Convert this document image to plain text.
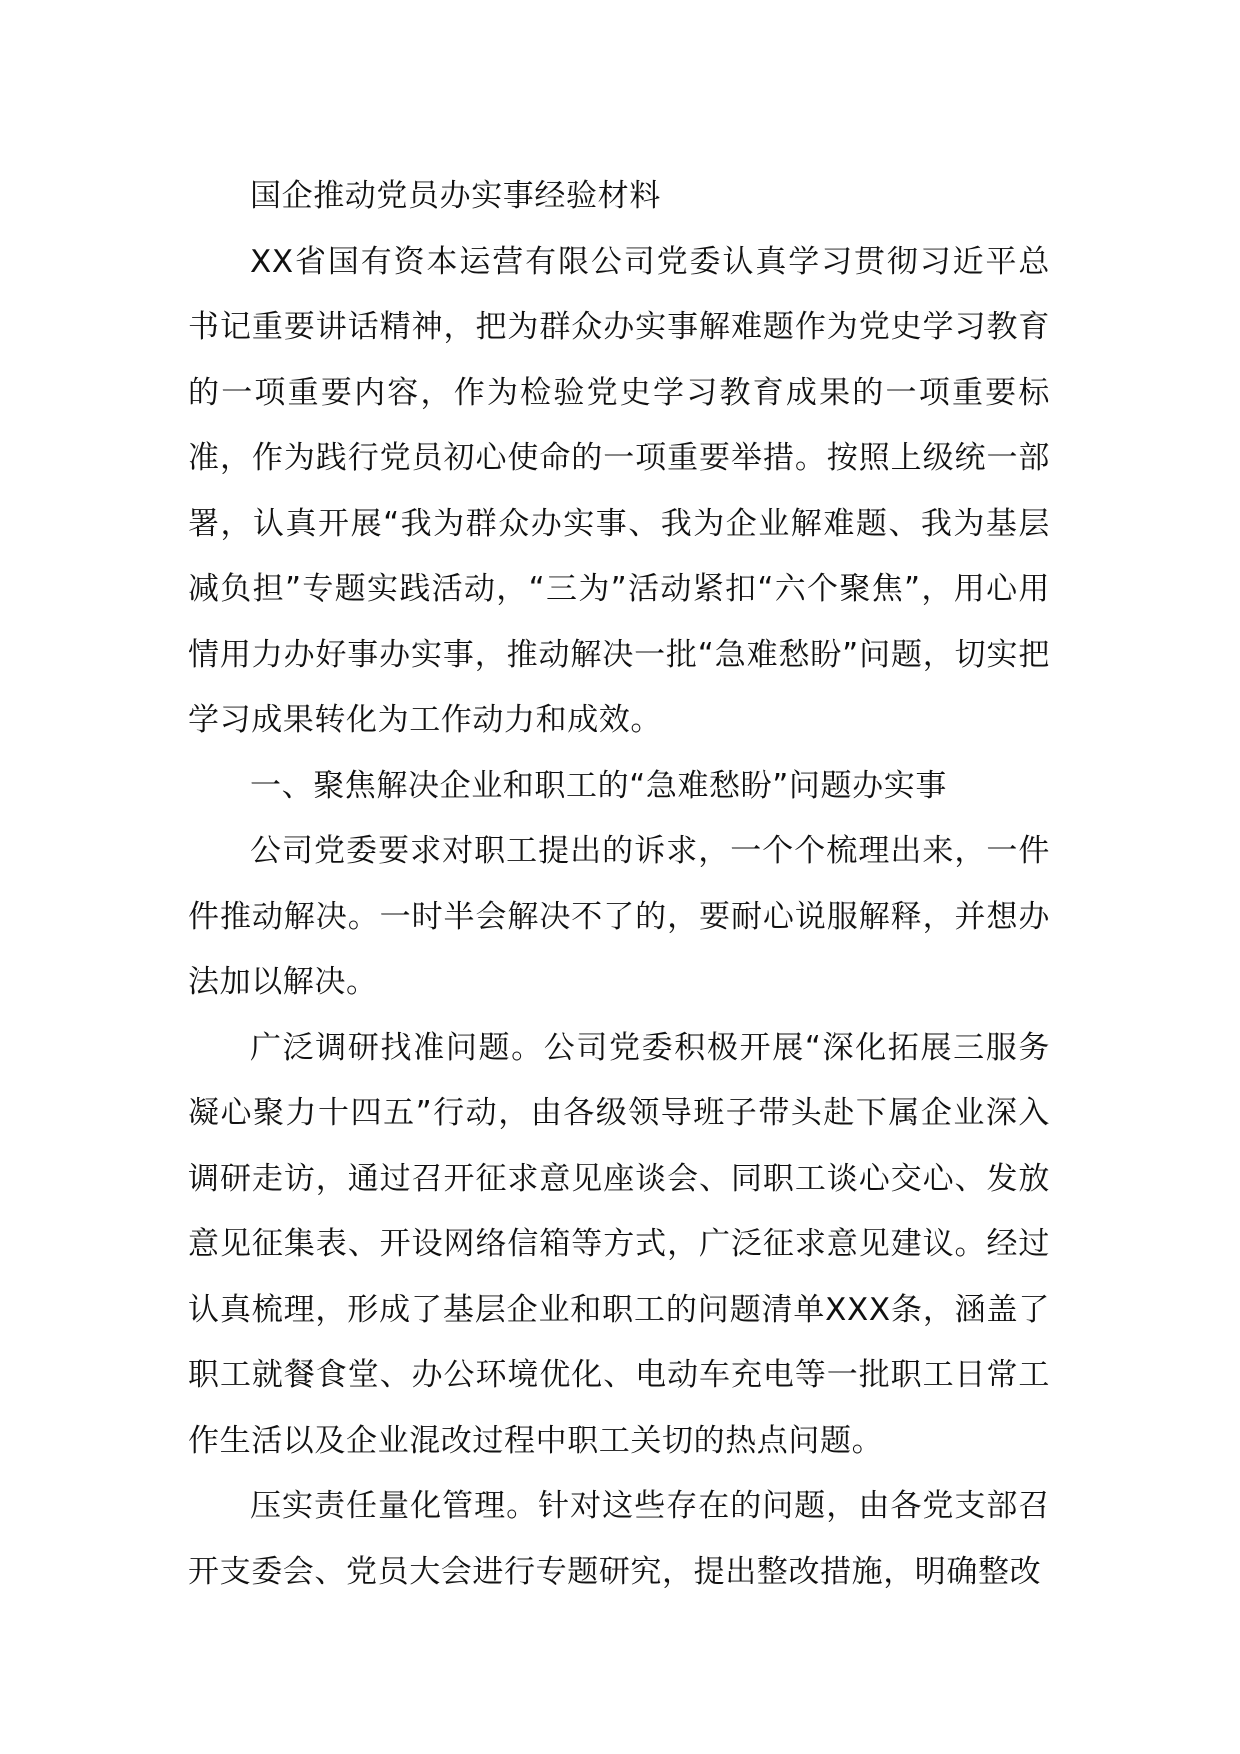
国企推动党员办实事经验材料

XX省国有资本运营有限公司党委认真学习贯彻习近平总书记重要讲话精神，把为群众办实事解难题作为党史学习教育的一项重要内容，作为检验党史学习教育成果的一项重要标准，作为践行党员初心使命的一项重要举措。按照上级统一部署，认真开展“我为群众办实事、我为企业解难题、我为基层减负担”专题实践活动，“三为”活动紧扣“六个聚焦”，用心用情用力办好事办实事，推动解决一批“急难愁盼”问题，切实把学习成果转化为工作动力和成效。

一、聚焦解决企业和职工的“急难愁盼”问题办实事

公司党委要求对职工提出的诉求，一个个梳理出来，一件件推动解决。一时半会解决不了的，要耐心说服解释，并想办法加以解决。

广泛调研找准问题。公司党委积极开展“深化拓展三服务凝心聚力十四五”行动，由各级领导班子带头赴下属企业深入调研走访，通过召开征求意见座谈会、同职工谈心交心、发放意见征集表、开设网络信箱等方式，广泛征求意见建议。经过认真梳理，形成了基层企业和职工的问题清单XXX条，涵盖了职工就餐食堂、办公环境优化、电动车充电等一批职工日常工作生活以及企业混改过程中职工关切的热点问题。

压实责任量化管理。针对这些存在的问题，由各党支部召开支委会、党员大会进行专题研究，提出整改措施，明确整改
